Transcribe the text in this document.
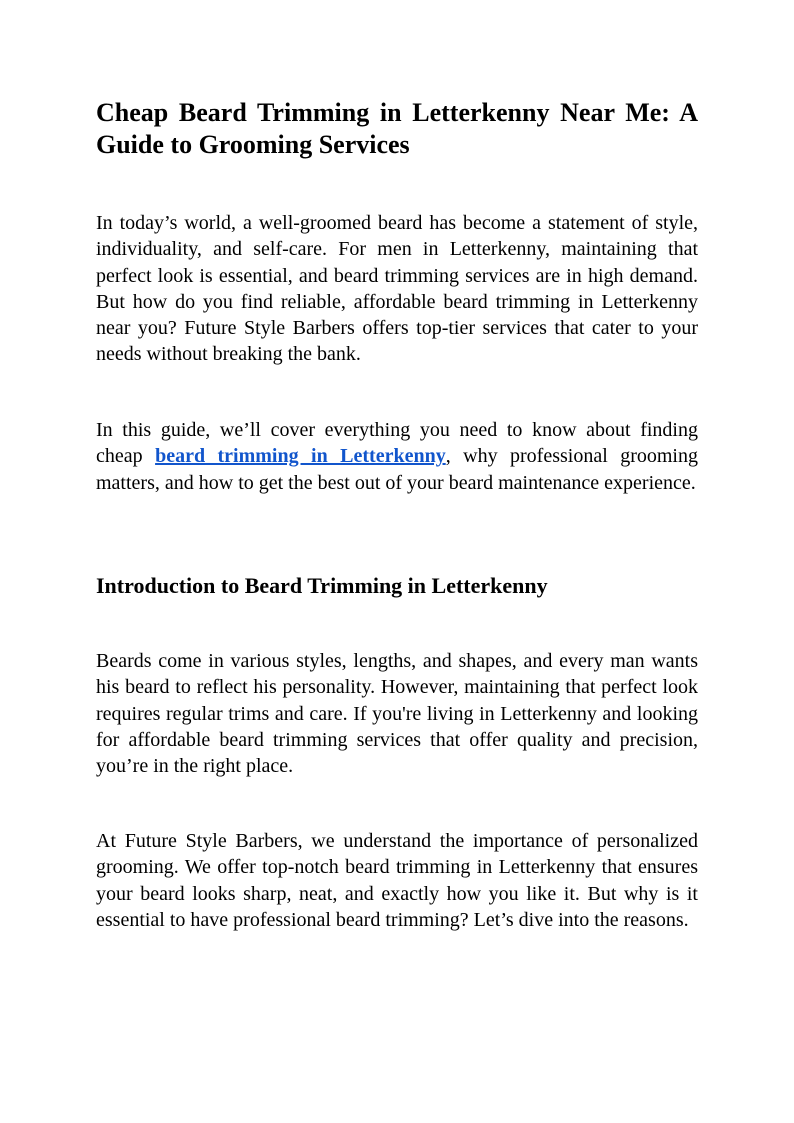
Cheap Beard Trimming in Letterkenny Near Me: A Guide to Grooming Services

In today’s world, a well-groomed beard has become a statement of style, individuality, and self-care. For men in Letterkenny, maintaining that perfect look is essential, and beard trimming services are in high demand. But how do you find reliable, affordable beard trimming in Letterkenny near you? Future Style Barbers offers top-tier services that cater to your needs without breaking the bank.

In this guide, we’ll cover everything you need to know about finding cheap beard trimming in Letterkenny, why professional grooming matters, and how to get the best out of your beard maintenance experience.

Introduction to Beard Trimming in Letterkenny

Beards come in various styles, lengths, and shapes, and every man wants his beard to reflect his personality. However, maintaining that perfect look requires regular trims and care. If you're living in Letterkenny and looking for affordable beard trimming services that offer quality and precision, you’re in the right place.

At Future Style Barbers, we understand the importance of personalized grooming. We offer top-notch beard trimming in Letterkenny that ensures your beard looks sharp, neat, and exactly how you like it. But why is it essential to have professional beard trimming? Let’s dive into the reasons.
